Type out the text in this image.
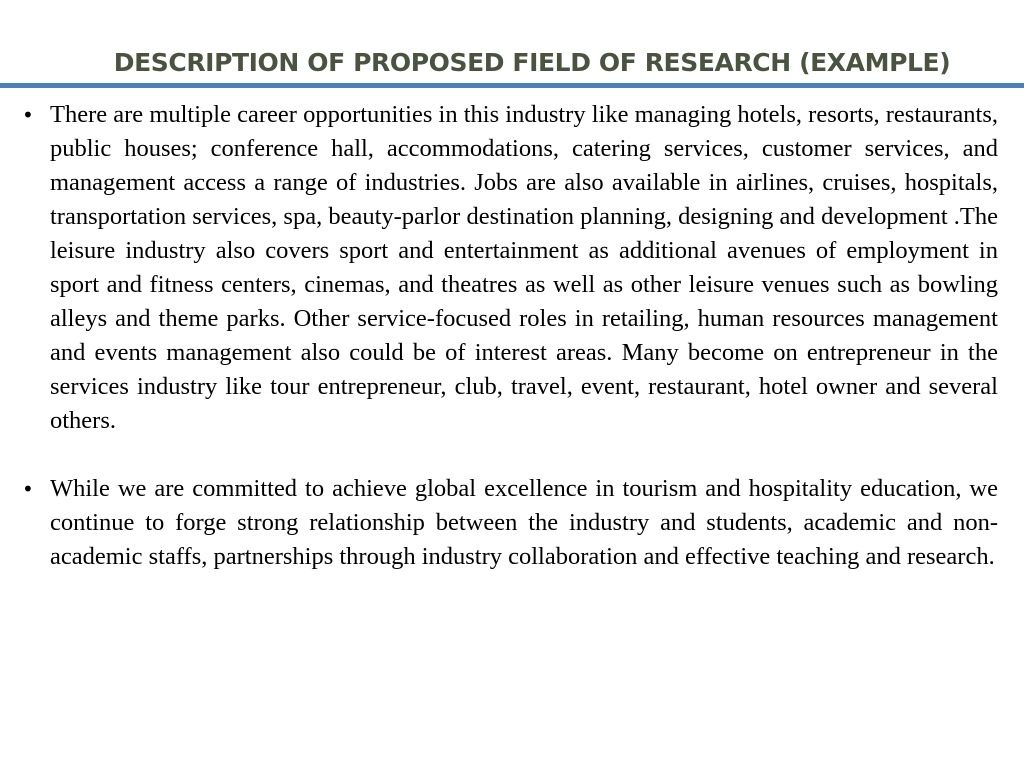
DESCRIPTION OF PROPOSED FIELD OF RESEARCH (EXAMPLE)
• There are multiple career opportunities in this industry like managing hotels, resorts, restaurants, public houses; conference hall, accommodations, catering services, customer services, and management access a range of industries. Jobs are also available in airlines, cruises, hospitals, transportation services, spa, beauty-parlor destination planning, designing and development .The leisure industry also covers sport and entertainment as additional avenues of employment in sport and fitness centers, cinemas, and theatres as well as other leisure venues such as bowling alleys and theme parks. Other service-focused roles in retailing, human resources management and events management also could be of interest areas. Many become on entrepreneur in the services industry like tour entrepreneur, club, travel, event, restaurant, hotel owner and several others.
• While we are committed to achieve global excellence in tourism and hospitality education, we continue to forge strong relationship between the industry and students, academic and non-academic staffs, partnerships through industry collaboration and effective teaching and research.
